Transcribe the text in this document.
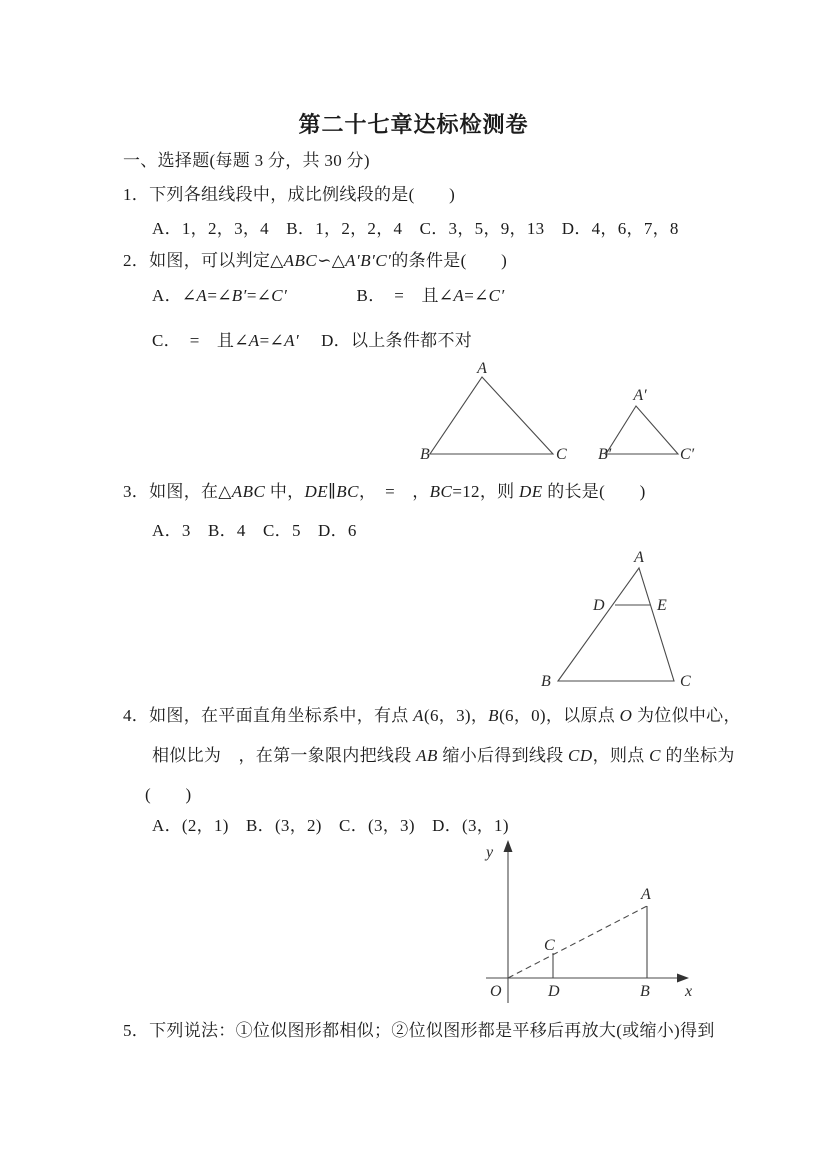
第二十七章达标检测卷
一、选择题(每题 3 分，共 30 分)
1．下列各组线段中，成比例线段的是(　　)
A．1，2，3，4　B．1，2，2，4　C．3，5，9，13　D．4，6，7，8
2．如图，可以判定△ABC∽△A′B′C′的条件是(　　)
A．∠A=∠B′=∠C′　　　　B．　=　且∠A=∠C′
C．　=　且∠A=∠A′　 D．以上条件都不对
A
B	C
A′
B′	C′
3．如图，在△ABC 中，DE∥BC，　=　，BC=12，则 DE 的长是(　　)
A．3　B．4　C．5　D．6
A
D	E
B	C
4．如图，在平面直角坐标系中，有点 A(6，3)，B(6，0)，以原点 O 为位似中心，
相似比为　，在第一象限内把线段 AB 缩小后得到线段 CD，则点 C 的坐标为
(　　)
A．(2，1)　B．(3，2)　C．(3，3)　D．(3，1)
y
x
O	D	B
A
C
5．下列说法：①位似图形都相似；②位似图形都是平移后再放大(或缩小)得到
